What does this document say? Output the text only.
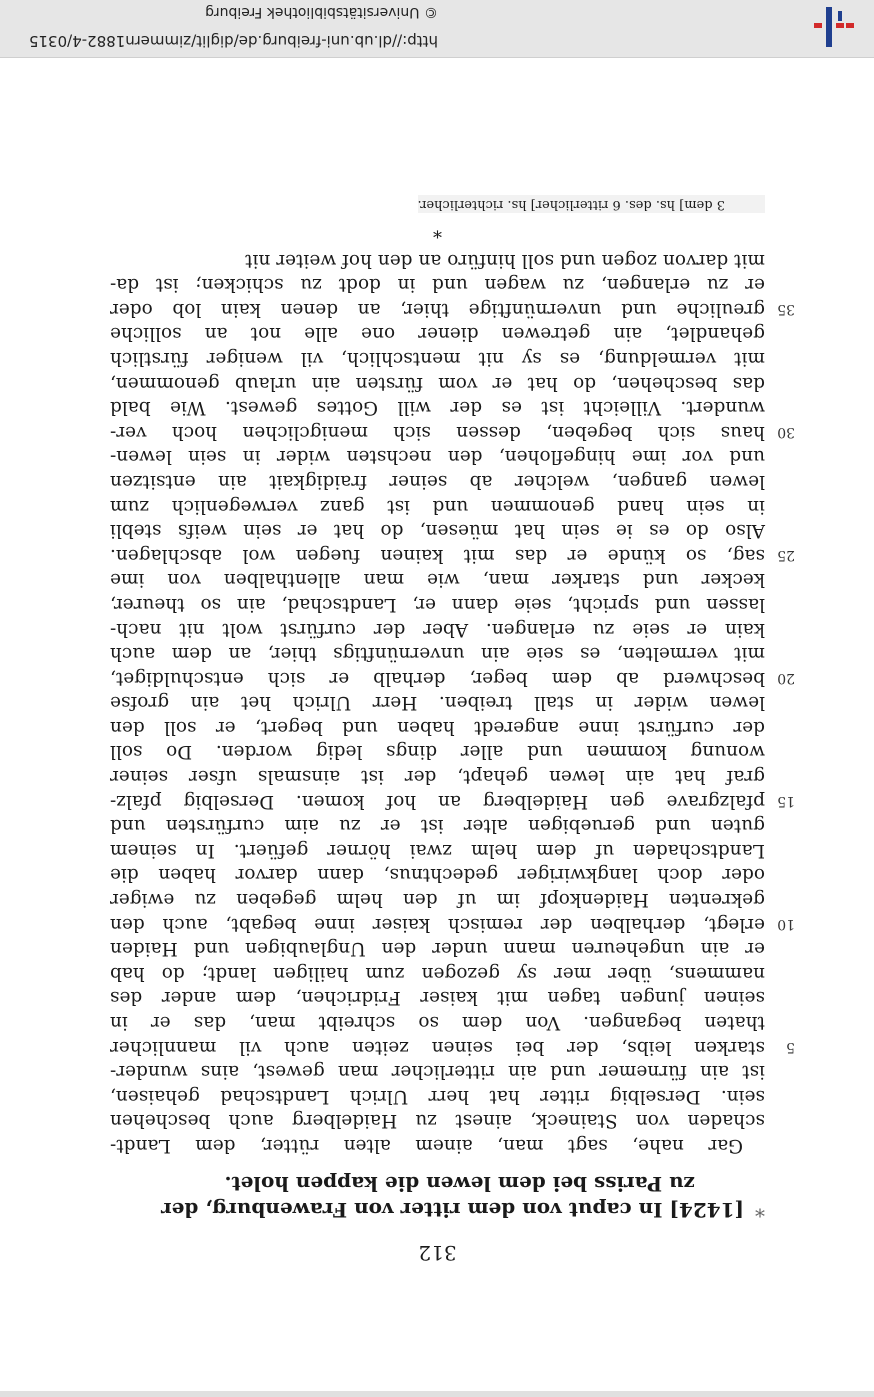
© Universitätsbibliothek Freiburg
http://dl.ub.uni-freiburg.de/diglit/zimmern1882-4/0315
312
* [1424] In caput von dem ritter von Frawenburg, der
zu Pariss bei dem lewen die kappen holet.
Gar nahe, sagt man, ainem alten rütter, dem Landt-
schaden von Staineck, ainest zu Haidelberg auch beschehen
sein. Derselbig ritter hat herr Ulrich Landtschad gehaisen,
ist ain fürnemer und ain ritterlicher man gewest, ains wunder-
starken leibs, der bei seinen zeiten auch vil mannlicher 5
thaten begangen. Von dem so schreibt man, das er in
seinen jungen tagen mit kaiser Fridrichen, dem ander des
nammens, über mer sy gezogen zum hailigen landt; do hab
er ain ungeheuren mann under den Unglaubigen und Haiden
erlegt, derhalben der remisch kaiser inne begabt, auch den 10
gekrenten Haidenkopf im uf den helm gegeben zu ewiger
oder doch langkwiriger gedechtnus, dann darvor haben die
Landtschaden uf dem helm zwai hörner gefüert. In seinem
guten und geruebigen alter ist er zu aim curfürsten und
pfalzgrave gen Haidelberg an hof komen. Derselbig pfalz- 15
graf hat ain lewen gehapt, der ist ainsmals ufser seiner
wonung kommen und aller dings ledig worden. Do soll
der curfürst inne angeredt haben und begert, er soll den
lewen wider in stall treiben. Herr Ulrich het ain grofse
beschwerd ab dem beger, derhalb er sich entschuldiget, 20
mit vermelten, es seie ain unvernünftigs thier, an dem auch
kain er seie zu erlangen. Aber der curfürst wolt nit nach-
lassen und spricht, seie dann er, Landtschad, ain so theurer,
kecker und starker man, wie man allenthalben von ime
sag, so künde er das mit kainen fuegen wol abschlagen. 25
Also do es ie sein hat müesen, do hat er sein weifs stebli
in sein hand genommen und ist ganz verwegenlich zum
lewen gangen, welcher ab seiner fraidigkait ain entsitzen
und vor ime hingeflohen, den nechsten wider in sein lewen-
haus sich begeben, dessen sich menigclichen hoch ver- 30
wundert. Villeicht ist es der will Gottes gewest. Wie bald
das beschehen, do hat er vom fürsten ain urlaub genommen,
mit vermeldung, es sy nit mentschlich, vil weniger fürstlich
gehandlet, ain getrewen diener one alle not an solliche
greuliche und unvernünftige thier, an denen kain lob oder 35
er zu erlangen, zu wagen und in dodt zu schicken; ist da-
mit darvon zogen und soll hinfüro an den hof weiter nit
*
3 dem] hs. des. 6 ritterlicher] hs. richterlicher.
